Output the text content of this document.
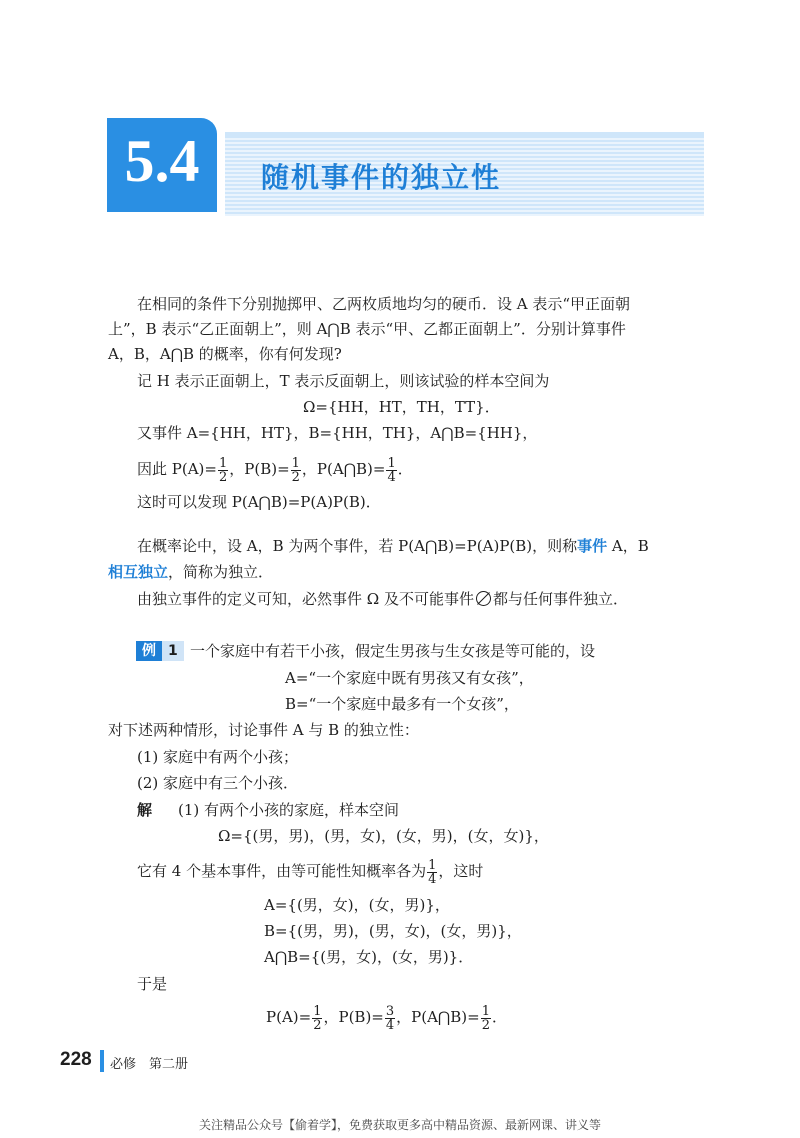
5.4	随机事件的独立性
在相同的条件下分别抛掷甲、乙两枚质地均匀的硬币．设 A 表示“甲正面朝
上”，B 表示“乙正面朝上”，则 A⋂B 表示“甲、乙都正面朝上”．分别计算事件
A，B，A⋂B 的概率，你有何发现?
记 H 表示正面朝上，T 表示反面朝上，则该试验的样本空间为
Ω={HH，HT，TH，TT}．
又事件 A={HH，HT}，B={HH，TH}，A⋂B={HH}，
因此 $P(A)= \frac{1}{2}$ ，$P(B)= \frac{1}{2}$ ，P(A⋂B)= $\frac{1}{4}$ ．
这时可以发现 P(A⋂B)=P(A)P(B)．
在概率论中，设 A，B 为两个事件，若 P(A⋂B)=P(A)P(B)，则称事件 A，B
相互独立，简称为独立．
由独立事件的定义可知，必然事件 Ω 及不可能事件 都与任何事件独立．
例 1 一个家庭中有若干小孩，假定生男孩与生女孩是等可能的，设
A=“一个家庭中既有男孩又有女孩”，
B=“一个家庭中最多有一个女孩”，
对下述两种情形，讨论事件 A 与 B 的独立性：
(1) 家庭中有两个小孩；
(2) 家庭中有三个小孩．
解 (1) 有两个小孩的家庭，样本空间
Ω={(男，男)，(男，女)，(女，男)，(女，女)}，
它有 4 个基本事件，由等可能性知概率各为 $\frac{1}{4}$ ，这时
A={(男，女)，(女，男)}，
B={(男，男)，(男，女)，(女，男)}，
A⋂B={(男，女)，(女，男)}．
于是
$P(A)= \frac{1}{2}$ ，$P(B)= \frac{3}{4}$ ，P(A⋂B)= $\frac{1}{2}$ ．
228 必修　第二册
关注精品公众号【偷着学】，免费获取更多高中精品资源、最新网课、讲义等
